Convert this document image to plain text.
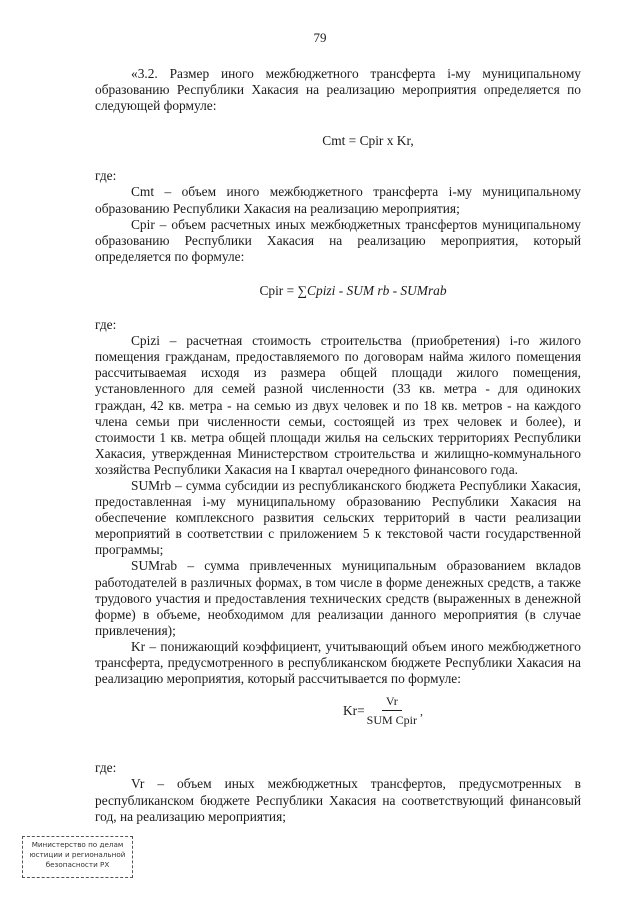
79

«3.2. Размер иного межбюджетного трансферта i-му муниципальному образованию Республики Хакасия на реализацию мероприятия определяется по следующей формуле:

Cmt = Cpir x Kr,

где:

Cmt – объем иного межбюджетного трансферта i-му муниципальному образованию Республики Хакасия на реализацию мероприятия;

Cpir – объем расчетных иных межбюджетных трансфертов муниципальному образованию Республики Хакасия на реализацию мероприятия, который определяется по формуле:

Cpir = ∑Cpizi - SUM rb - SUMrab

где:

Cpizi – расчетная стоимость строительства (приобретения) i-го жилого помещения гражданам, предоставляемого по договорам найма жилого помещения рассчитываемая исходя из размера общей площади жилого помещения, установленного для семей разной численности (33 кв. метра - для одиноких граждан, 42 кв. метра - на семью из двух человек и по 18 кв. метров - на каждого члена семьи при численности семьи, состоящей из трех человек и более), и стоимости 1 кв. метра общей площади жилья на сельских территориях Республики Хакасия, утвержденная Министерством строительства и жилищно-коммунального хозяйства Республики Хакасия на I квартал очередного финансового года.

SUMrb – сумма субсидии из республиканского бюджета Республики Хакасия, предоставленная i-му муниципальному образованию Республики Хакасия на обеспечение комплексного развития сельских территорий в части реализации мероприятий в соответствии с приложением 5 к текстовой части государственной программы;

SUMrab – сумма привлеченных муниципальным образованием вкладов работодателей в различных формах, в том числе в форме денежных средств, а также трудового участия и предоставления технических средств (выраженных в денежной форме) в объеме, необходимом для реализации данного мероприятия (в случае привлечения);

Kr – понижающий коэффициент, учитывающий объем иного межбюджетного трансферта, предусмотренного в республиканском бюджете Республики Хакасия на реализацию мероприятия, который рассчитывается по формуле:

$Kr= \frac{Vr}{\text{SUM Cpir}}$ ,

где:

Vr – объем иных межбюджетных трансфертов, предусмотренных в республиканском бюджете Республики Хакасия на соответствующий финансовый год, на реализацию мероприятия;

Министерство по делам
юстиции и региональной
безопасности РХ
